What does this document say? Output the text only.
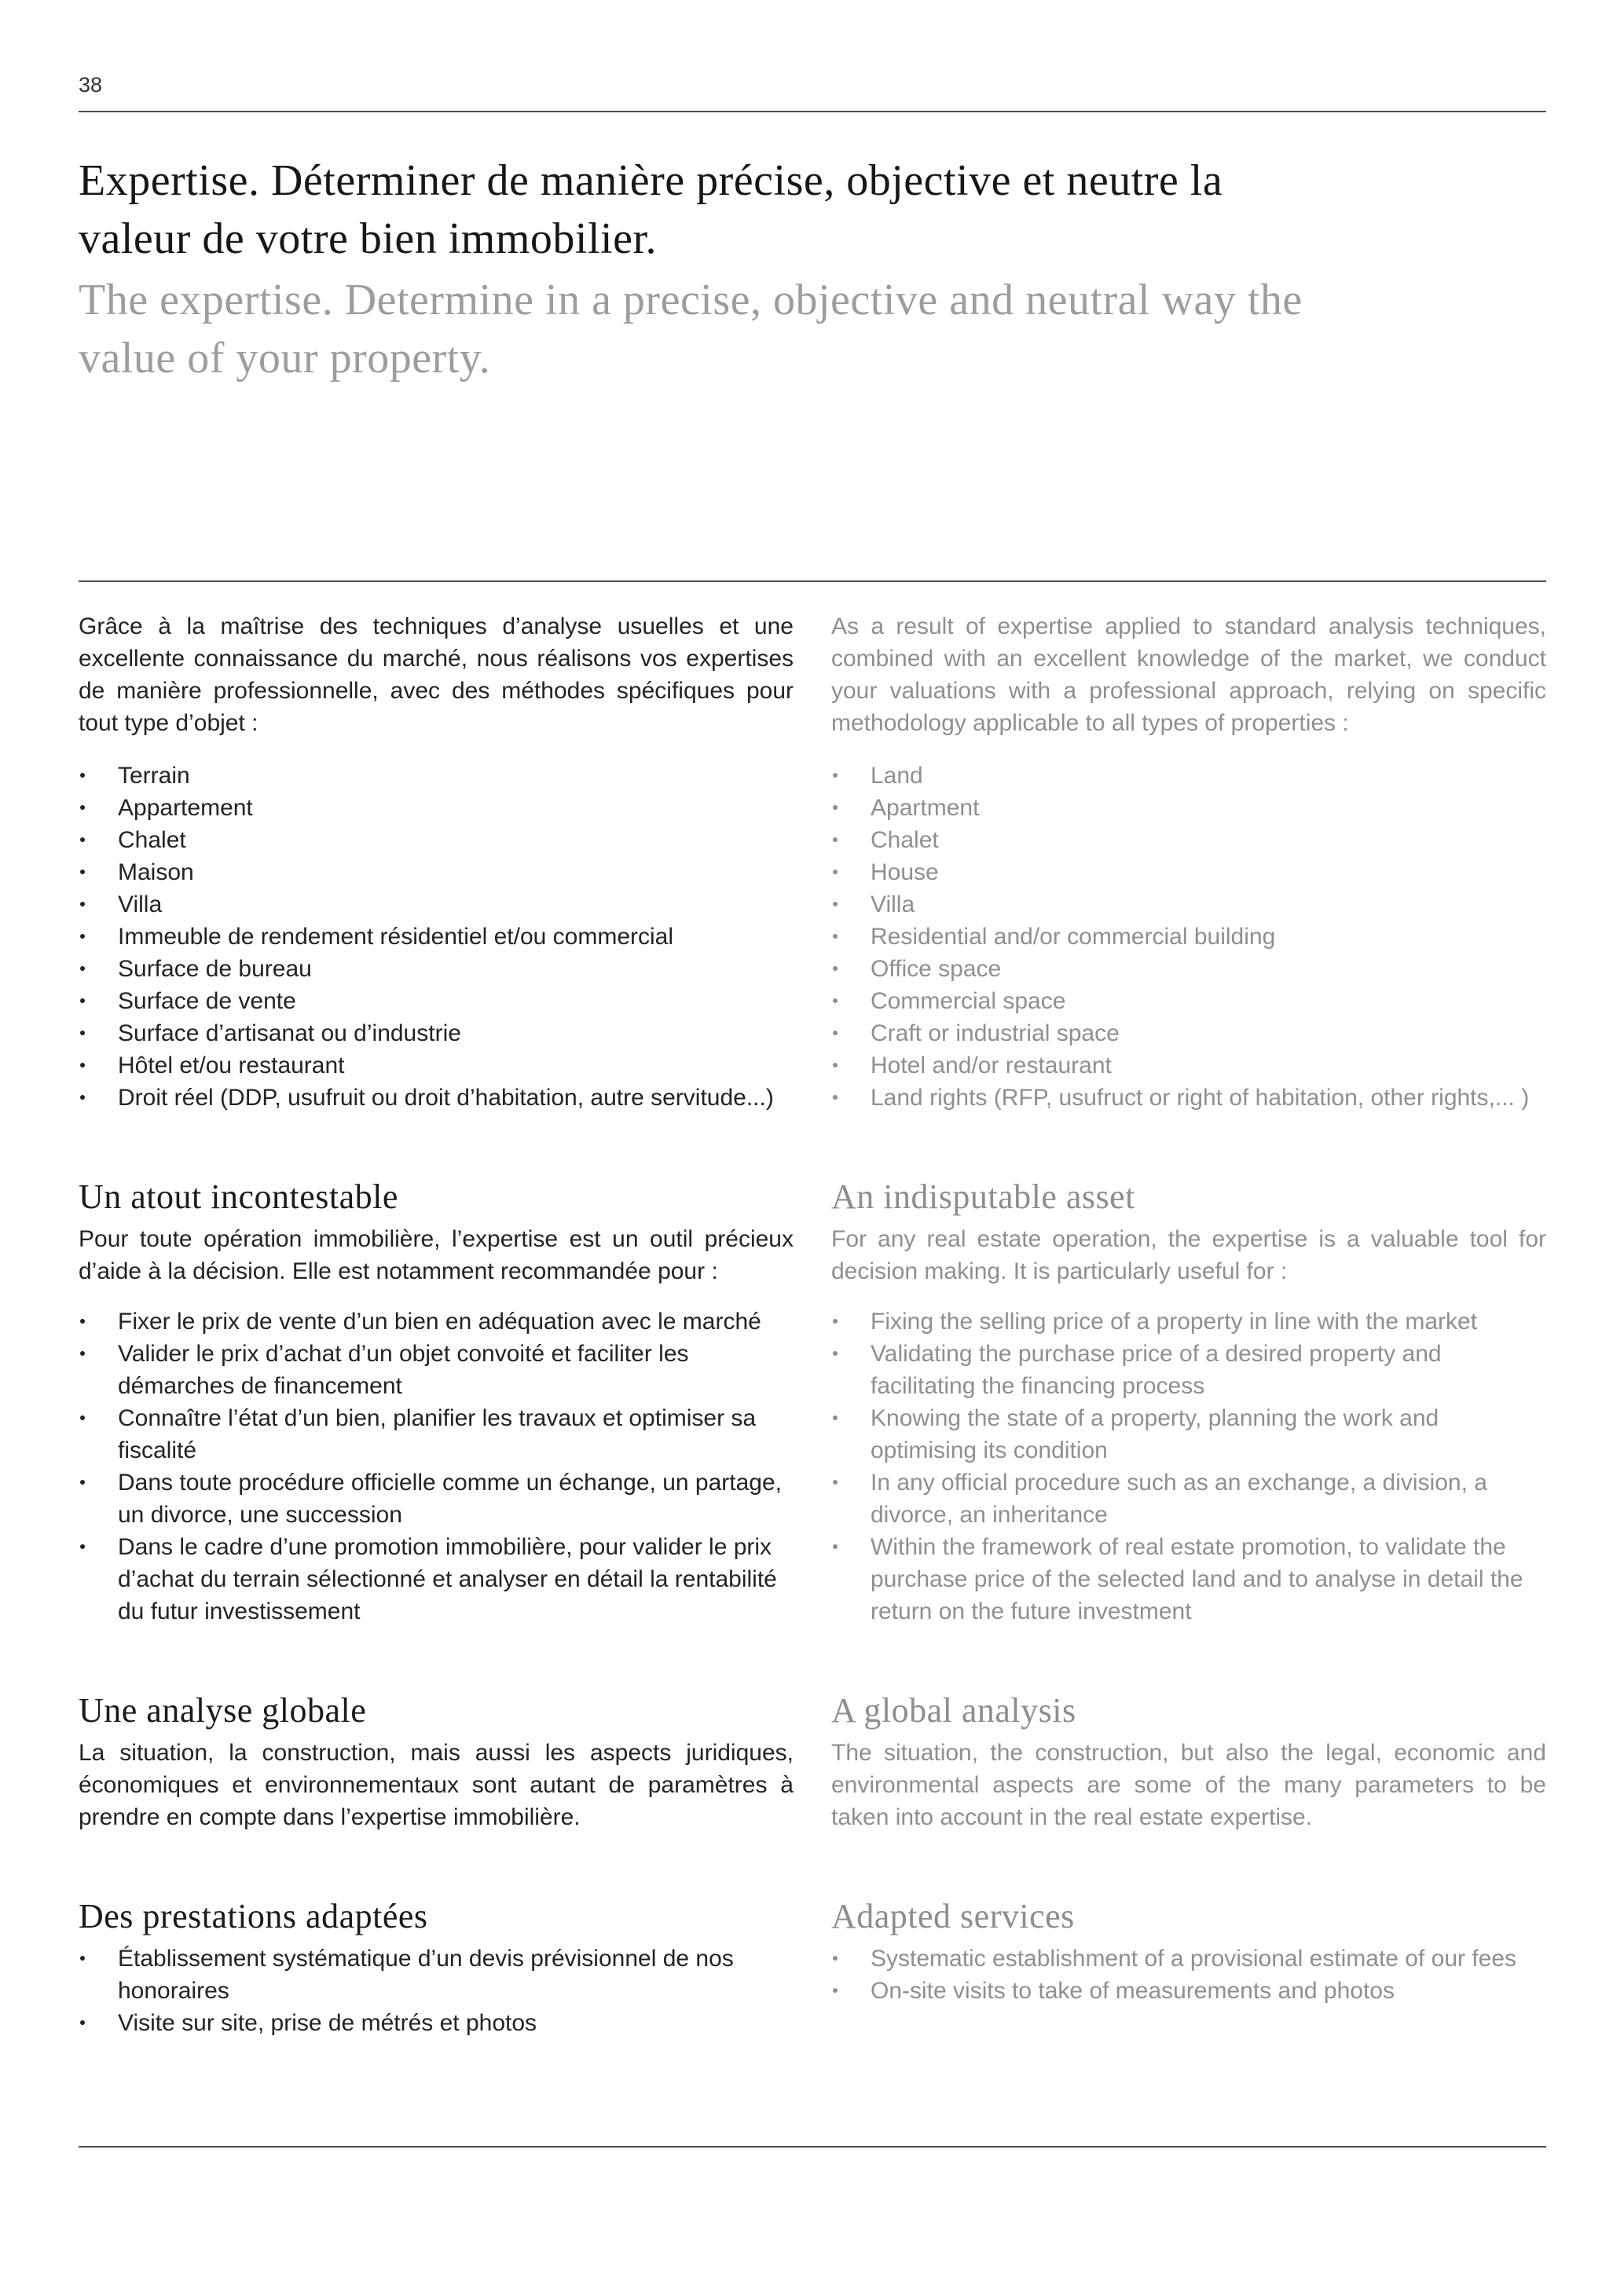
38
Expertise. Déterminer de manière précise, objective et neutre la
valeur de votre bien immobilier.
The expertise. Determine in a precise, objective and neutral way the
value of your property.

Grâce à la maîtrise des techniques d’analyse usuelles et une excellente connaissance du marché, nous réalisons vos expertises de manière professionnelle, avec des méthodes spécifiques pour tout type d’objet :

Terrain
Appartement
Chalet
Maison
Villa
Immeuble de rendement résidentiel et/ou commercial
Surface de bureau
Surface de vente
Surface d’artisanat ou d’industrie
Hôtel et/ou restaurant
Droit réel (DDP, usufruit ou droit d’habitation, autre servitude...)
Un atout incontestable

Pour toute opération immobilière, l’expertise est un outil précieux d’aide à la décision. Elle est notamment recommandée pour :

Fixer le prix de vente d’un bien en adéquation avec le marché
Valider le prix d’achat d’un objet convoité et faciliter les démarches de financement
Connaître l’état d’un bien, planifier les travaux et optimiser sa fiscalité
Dans toute procédure officielle comme un échange, un partage, un divorce, une succession
Dans le cadre d’une promotion immobilière, pour valider le prix d’achat du terrain sélectionné et analyser en détail la rentabilité du futur investissement
Une analyse globale

La situation, la construction, mais aussi les aspects juridiques, économiques et environnementaux sont autant de paramètres à prendre en compte dans l’expertise immobilière.

Des prestations adaptées
Établissement systématique d’un devis prévisionnel de nos honoraires
Visite sur site, prise de métrés et photos

As a result of expertise applied to standard analysis techniques, combined with an excellent knowledge of the market, we conduct your valuations with a professional approach, relying on specific methodology applicable to all types of properties :

Land
Apartment
Chalet
House
Villa
Residential and/or commercial building
Office space
Commercial space
Craft or industrial space
Hotel and/or restaurant
Land rights (RFP, usufruct or right of habitation, other rights,... )
An indisputable asset

For any real estate operation, the expertise is a valuable tool for decision making. It is particularly useful for :

Fixing the selling price of a property in line with the market
Validating the purchase price of a desired property and facilitating the financing process
Knowing the state of a property, planning the work and optimising its condition
In any official procedure such as an exchange, a division, a divorce, an inheritance
Within the framework of real estate promotion, to validate the purchase price of the selected land and to analyse in detail the return on the future investment
A global analysis

The situation, the construction, but also the legal, economic and environmental aspects are some of the many parameters to be taken into account in the real estate expertise.

Adapted services
Systematic establishment of a provisional estimate of our fees
On-site visits to take of measurements and photos
